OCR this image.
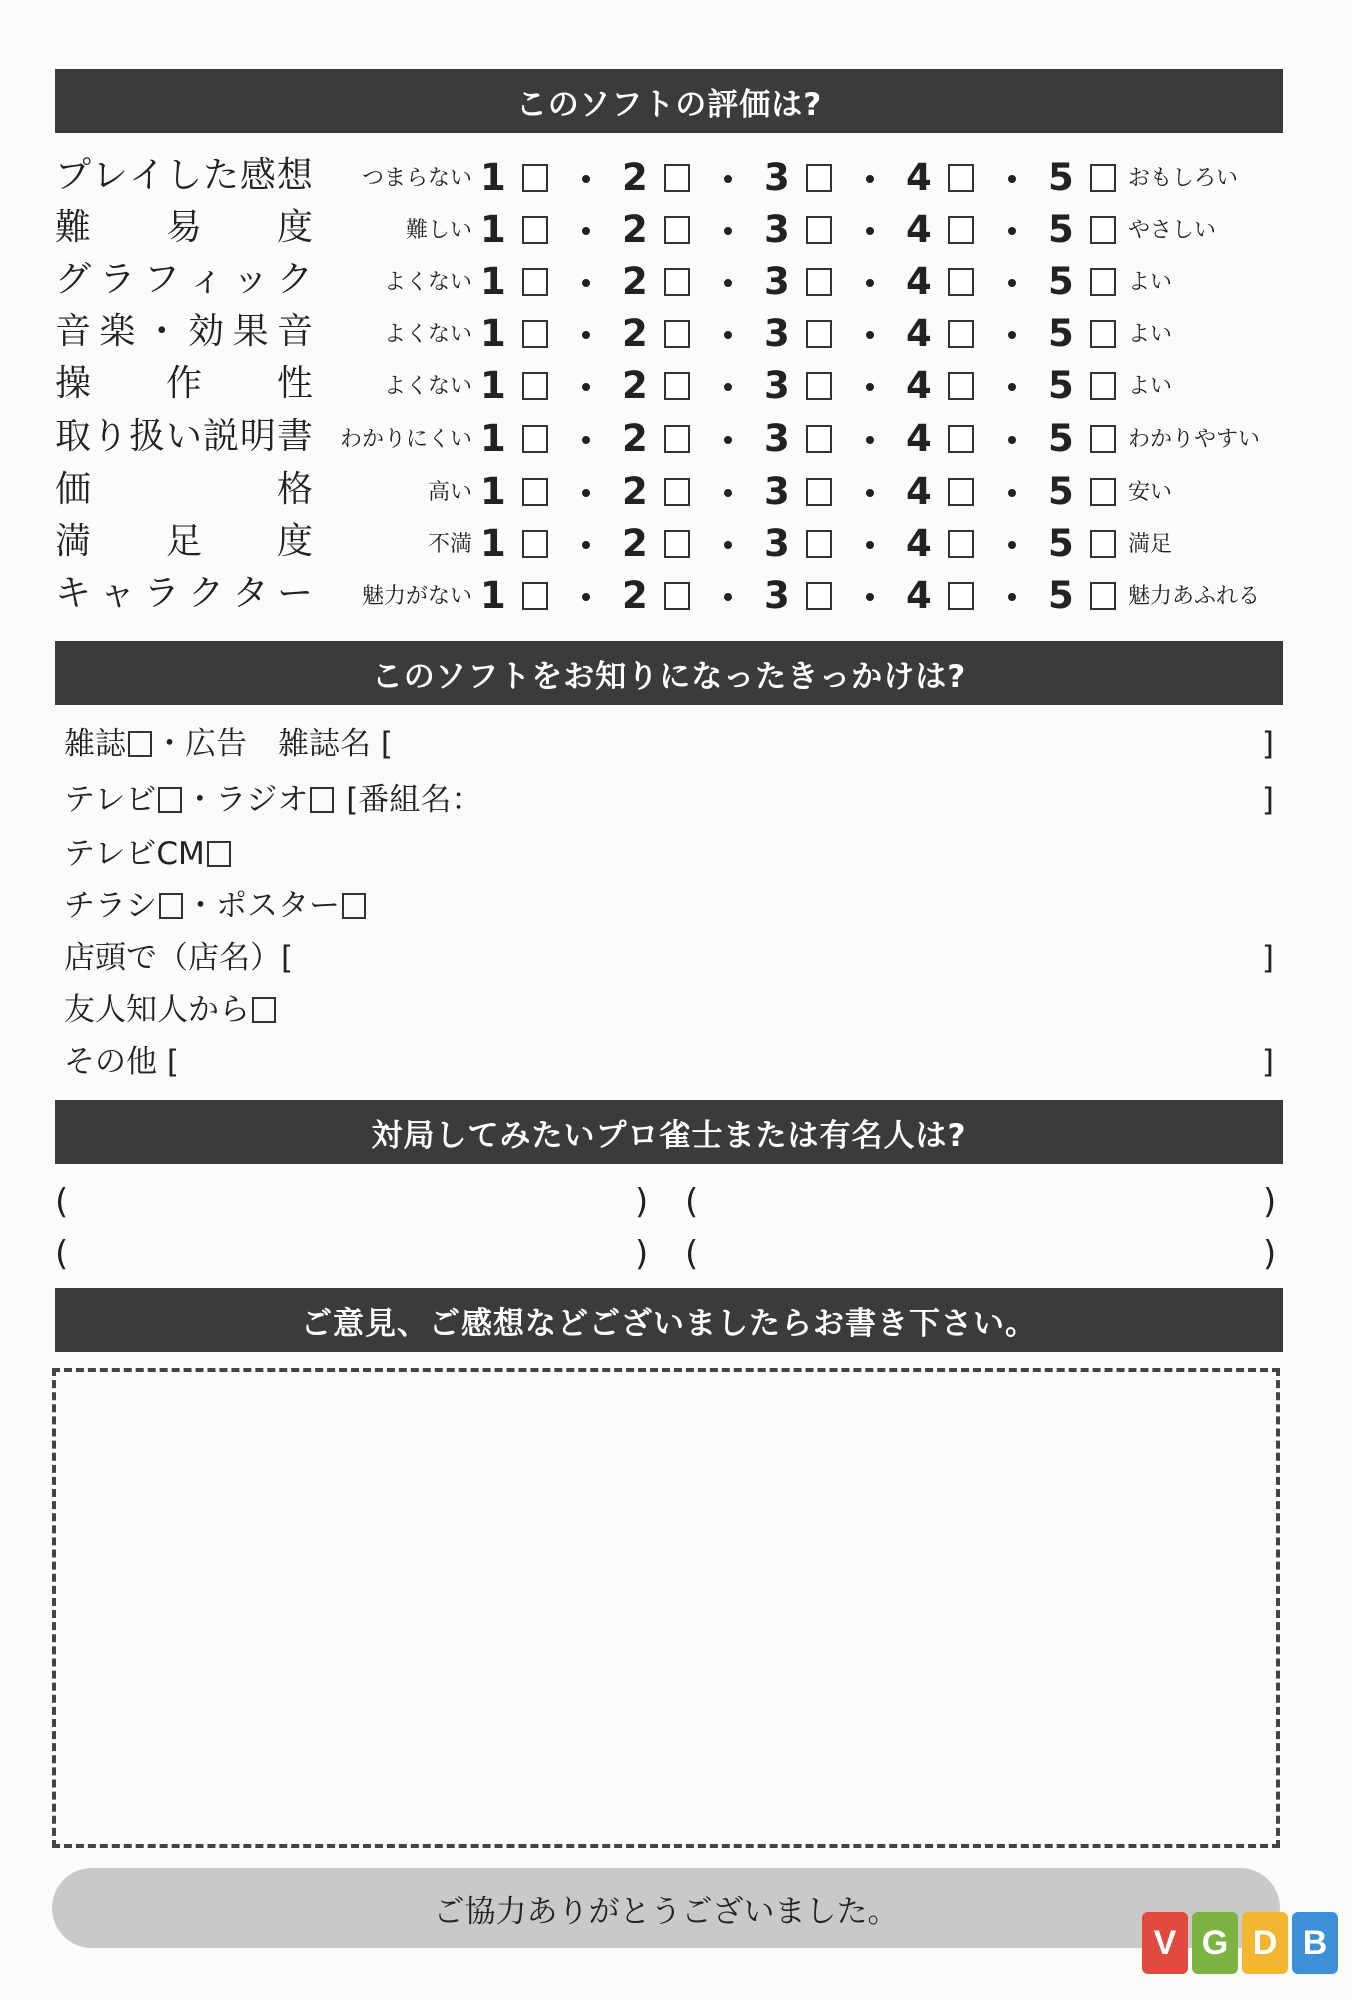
このソフトの評価は?
プ レ イ し た 感 想 つまらない 1	2	3	4	5 おもしろい
難 易 度	難しい 1	2	3	4	5 やさしい
グ ラ フ ィ ッ ク	よくない 1	2	3	4	5 よい
音 楽 ・ 効 果 音	よくない 1	2	3	4	5 よい
操 作 性	よくない 1	2	3	4	5 よい
取 り 扱 い 説 明 書 わかりにくい 1	2	3	4	5 わかりやすい
価	格	高い 1	2	3	4	5 安い
満 足 度	不満 1	2	3	4	5 満足
キ ャ ラ ク タ ー 魅力がない 1	2	3	4	5 魅力あふれる
このソフトをお知りになったきっかけは?
雑誌 ・広告　雑誌名 [	]
テレビ ・ラジオ [番組名：	]
テレビCM
チラシ ・ポスター
店頭で（店名）[	]
友人知人から
その他 [	]
対局してみたいプロ雀士または有名人は?
(	) (	)
(	) (	)
ご意見、ご感想などございましたらお書き下さい。
ご協力ありがとうございました。
V G D B
